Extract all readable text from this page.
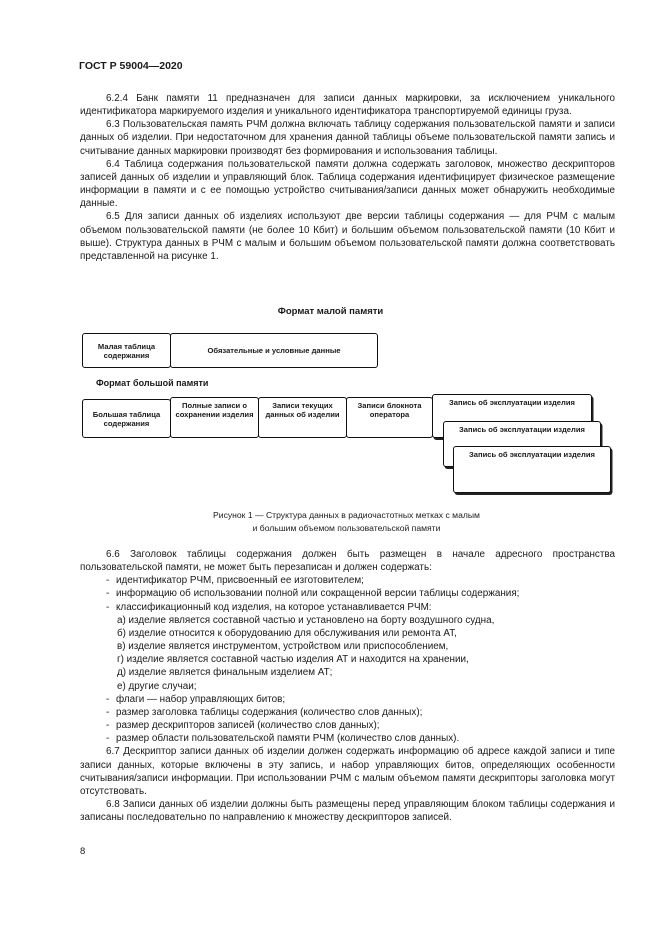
ГОСТ Р 59004—2020

6.2.4 Банк памяти 11 предназначен для записи данных маркировки, за исключением уникального идентификатора маркируемого изделия и уникального идентификатора транспортируемой единицы груза.

6.3 Пользовательская память РЧМ должна включать таблицу содержания пользовательской памяти и записи данных об изделии. При недостаточном для хранения данной таблицы объеме пользовательской памяти запись и считывание данных маркировки производят без формирования и использования таблицы.

6.4 Таблица содержания пользовательской памяти должна содержать заголовок, множество дескрипторов записей данных об изделии и управляющий блок. Таблица содержания идентифицирует физическое размещение информации в памяти и с ее помощью устройство считывания/записи данных может обнаружить необходимые данные.

6.5 Для записи данных об изделиях используют две версии таблицы содержания — для РЧМ с малым объемом пользовательской памяти (не более 10 Кбит) и большим объемом пользовательской памяти (10 Кбит и выше). Структура данных в РЧМ с малым и большим объемом пользовательской памяти должна соответствовать представленной на рисунке 1.

Формат малой памяти
Малая таблица содержания	Обязательные и условные данные
Формат большой памяти
Большая таблица содержания
Полные записи о сохранении изделия
Записи текущих данных об изделии
Записи блокнота оператора
Запись об эксплуатации изделия
Запись об эксплуатации изделия
Запись об эксплуатации изделия
Рисунок 1 — Структура данных в радиочастотных метках с малым
и большим объемом пользовательской памяти

6.6 Заголовок таблицы содержания должен быть размещен в начале адресного пространства пользовательской памяти, не может быть перезаписан и должен содержать:

- идентификатор РЧМ, присвоенный ее изготовителем;
- информацию об использовании полной или сокращенной версии таблицы содержания;
- классификационный код изделия, на которое устанавливается РЧМ:
а) изделие является составной частью и установлено на борту воздушного судна,
б) изделие относится к оборудованию для обслуживания или ремонта АТ,
в) изделие является инструментом, устройством или приспособлением,
г) изделие является составной частью изделия АТ и находится на хранении,
д) изделие является финальным изделием АТ;
е) другие случаи;
- флаги — набор управляющих битов;
- размер заголовка таблицы содержания (количество слов данных);
- размер дескрипторов записей (количество слов данных);
- размер области пользовательской памяти РЧМ (количество слов данных).

6.7 Дескриптор записи данных об изделии должен содержать информацию об адресе каждой записи и типе записи данных, которые включены в эту запись, и набор управляющих битов, определяющих особенности считывания/записи информации. При использовании РЧМ с малым объемом памяти дескрипторы заголовка могут отсутствовать.

6.8 Записи данных об изделии должны быть размещены перед управляющим блоком таблицы содержания и записаны последовательно по направлению к множеству дескрипторов записей.

8
